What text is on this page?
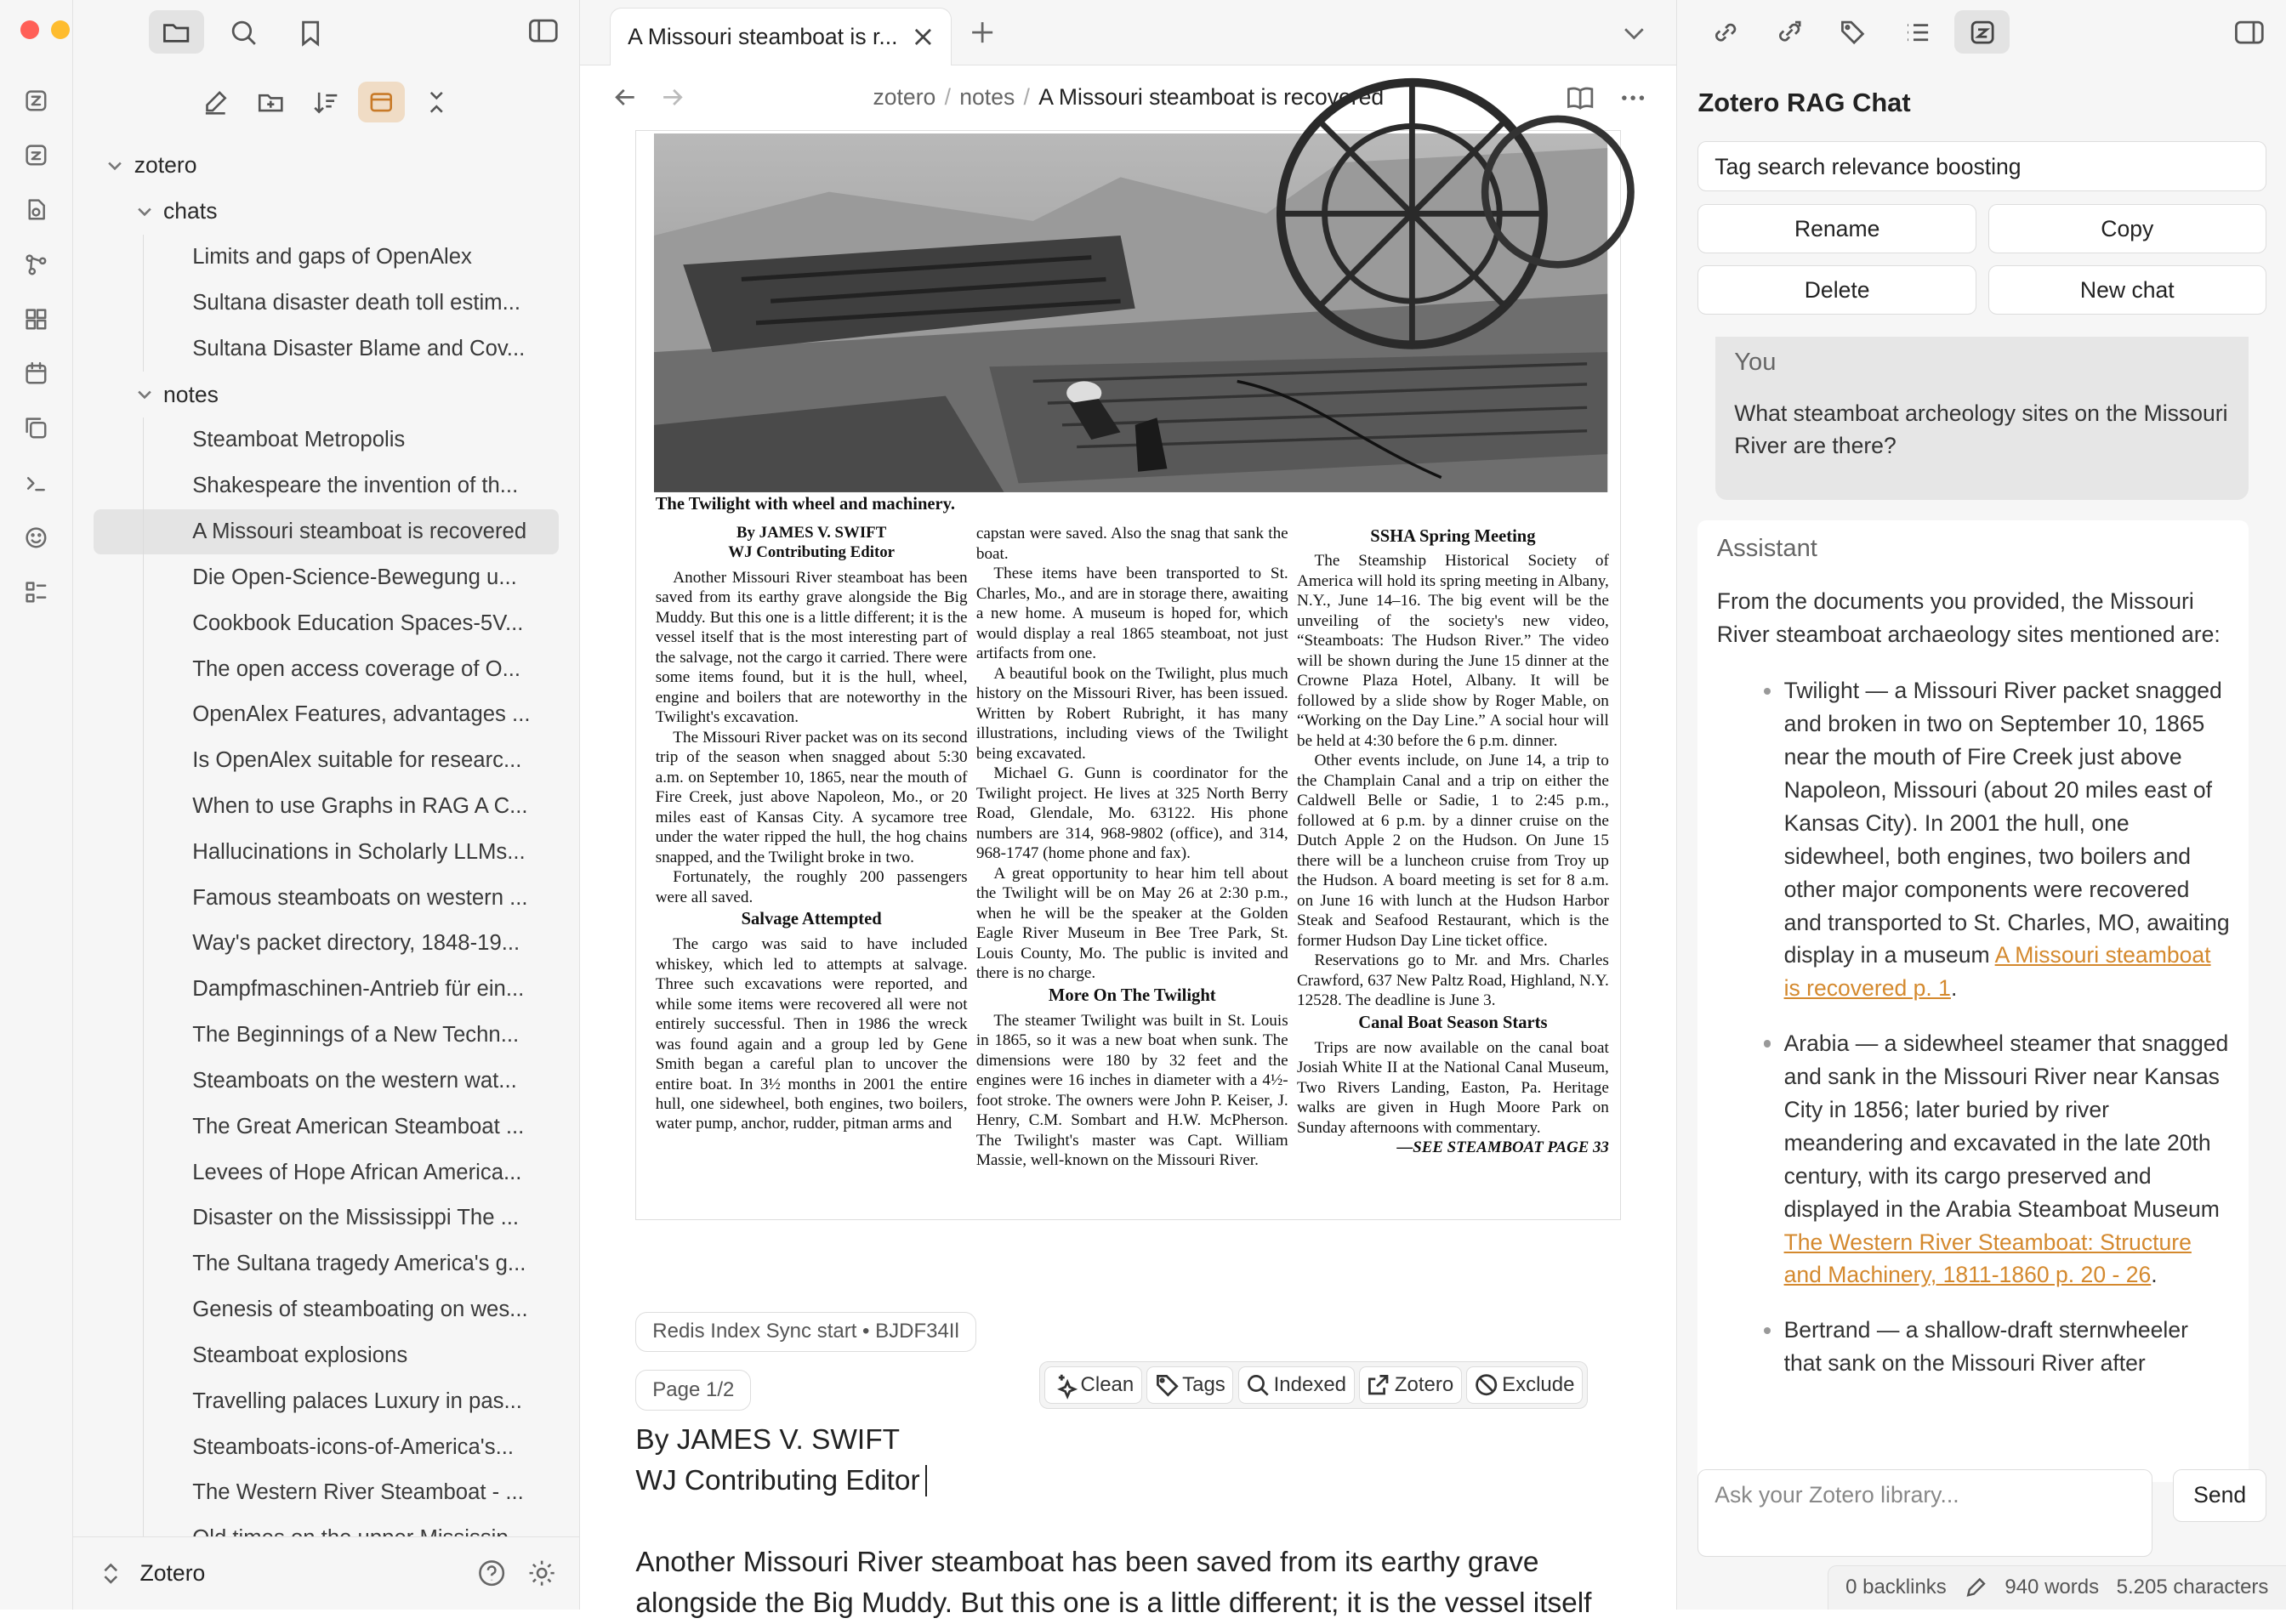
zotero
chats
Limits and gaps of OpenAlex
Sultana disaster death toll estim...
Sultana Disaster Blame and Cov...
notes
Steamboat Metropolis
Shakespeare the invention of th...
A Missouri steamboat is recovered
Die Open-Science-Bewegung u...
Cookbook Education Spaces-5V...
The open access coverage of O...
OpenAlex Features, advantages ...
Is OpenAlex suitable for researc...
When to use Graphs in RAG A C...
Hallucinations in Scholarly LLMs...
Famous steamboats on western ...
Way's packet directory, 1848-19...
Dampfmaschinen-Antrieb für ein...
The Beginnings of a New Techn...
Steamboats on the western wat...
The Great American Steamboat ...
Levees of Hope African America...
Disaster on the Mississippi The ...
The Sultana tragedy America's g...
Genesis of steamboating on wes...
Steamboat explosions
Travelling palaces Luxury in pas...
Steamboats-icons-of-America's...
The Western River Steamboat - ...
Zotero
A Missouri steamboat is r...
zotero / notes / A Missouri steamboat is recovered
The Twilight with wheel and machinery.
By JAMES V. SWIFT
WJ Contributing Editor

Another Missouri River steamboat has been saved from its earthy grave alongside the Big Muddy. But this one is a little different; it is the vessel itself that is the most interesting part of the salvage, not the cargo it carried. There were some items found, but it is the hull, wheel, engine and boilers that are noteworthy in the Twilight's excavation.

The Missouri River packet was on its second trip of the season when snagged about 5:30 a.m. on September 10, 1865, near the mouth of Fire Creek, just above Napoleon, Mo., or 20 miles east of Kansas City. A sycamore tree under the water ripped the hull, the hog chains snapped, and the Twilight broke in two.

Fortunately, the roughly 200 passengers were all saved.

Salvage Attempted

The cargo was said to have included whiskey, which led to attempts at salvage. Three such excavations were reported, and while some items were recovered all were not entirely successful. Then in 1986 the wreck was found again and a group led by Gene Smith began a careful plan to uncover the entire boat. In 3½ months in 2001 the entire hull, one sidewheel, both engines, two boilers, water pump, anchor, rudder, pitman arms and

capstan were saved. Also the snag that sank the boat.

These items have been transported to St. Charles, Mo., and are in storage there, awaiting a new home. A museum is hoped for, which would display a real 1865 steamboat, not just artifacts from one.

A beautiful book on the Twilight, plus much history on the Missouri River, has been issued. Written by Robert Rubright, it has many illustrations, including views of the Twilight being excavated.

Michael G. Gunn is coordinator for the Twilight project. He lives at 325 North Berry Road, Glendale, Mo. 63122. His phone numbers are 314, 968-9802 (office), and 314, 968-1747 (home phone and fax).

A great opportunity to hear him tell about the Twilight will be on May 26 at 2:30 p.m., when he will be the speaker at the Golden Eagle River Museum in Bee Tree Park, St. Louis County, Mo. The public is invited and there is no charge.

More On The Twilight

The steamer Twilight was built in St. Louis in 1865, so it was a new boat when sunk. The dimensions were 180 by 32 feet and the engines were 16 inches in diameter with a 4½-foot stroke. The owners were John P. Keiser, J. Henry, C.M. Sombart and H.W. McPherson. The Twilight's master was Capt. William Massie, well-known on the Missouri River.

SSHA Spring Meeting

The Steamship Historical Society of America will hold its spring meeting in Albany, N.Y., June 14–16. The big event will be the unveiling of the society's new video, “Steamboats: The Hudson River.” The video will be shown during the June 15 dinner at the Crowne Plaza Hotel, Albany. It will be followed by a slide show by Roger Mable, on “Working on the Day Line.” A social hour will be held at 4:30 before the 6 p.m. dinner.

Other events include, on June 14, a trip to the Champlain Canal and a trip on either the Caldwell Belle or Sadie, 1 to 2:45 p.m., followed at 6 p.m. by a dinner cruise on the Dutch Apple 2 on the Hudson. On June 15 there will be a luncheon cruise from Troy up the Hudson. A board meeting is set for 8 a.m. on June 16 with lunch at the Hudson Harbor Steak and Seafood Restaurant, which is the former Hudson Day Line ticket office.

Reservations go to Mr. and Mrs. Charles Crawford, 637 New Paltz Road, Highland, N.Y. 12528. The deadline is June 3.

Canal Boat Season Starts

Trips are now available on the canal boat Josiah White II at the National Canal Museum, Two Rivers Landing, Easton, Pa. Heritage walks are given in Hugh Moore Park on Sunday afternoons with commentary.

—SEE STEAMBOAT PAGE 33
Redis Index Sync start • BJDF34Il
Page 1/2	Clean	Tags	Indexed	Zotero	Exclude
By JAMES V. SWIFT
WJ Contributing Editor
Another Missouri River steamboat has been saved from its earthy grave alongside the Big Muddy. But this one is a little different; it is the vessel itself
Zotero RAG Chat
Tag search relevance boosting
Rename	Copy
Delete	New chat
You
What steamboat archeology sites on the Missouri River are there?
Assistant
From the documents you provided, the Missouri River steamboat archaeology sites mentioned are:
Twilight — a Missouri River packet snagged and broken in two on September 10, 1865 near the mouth of Fire Creek just above Napoleon, Missouri (about 20 miles east of Kansas City). In 2001 the hull, one sidewheel, both engines, two boilers and other major components were recovered and transported to St. Charles, MO, awaiting display in a museum A Missouri steamboat is recovered p. 1.
Arabia — a sidewheel steamer that snagged and sank in the Missouri River near Kansas City in 1856; later buried by river meandering and excavated in the late 20th century, with its cargo preserved and displayed in the Arabia Steamboat Museum The Western River Steamboat: Structure and Machinery, 1811-1860 p. 20 - 26.
Bertrand — a shallow-draft sternwheeler that sank on the Missouri River after
Ask your Zotero library...	Send
0 backlinks	940 words 5.205 characters
